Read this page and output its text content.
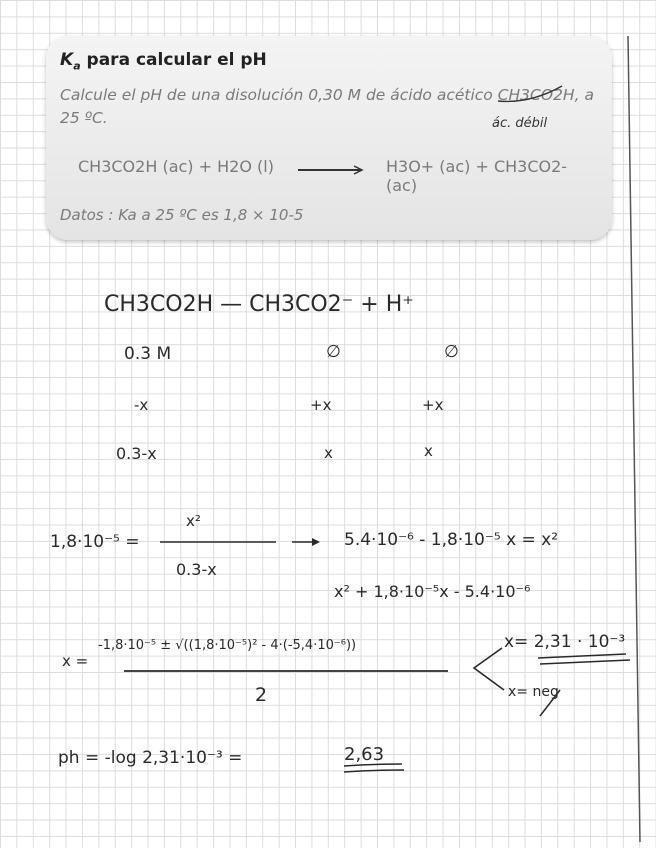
$K_a$ para calcular el pH
Calcule el pH de una disolución 0,30 M de ácido acético CH3CO2H, a 25 ºC.	ác. débil
CH3CO2H (ac) + H2O (l)	H3O+ (ac) + CH3CO2- (ac)
Datos : Ka a 25 ºC es 1,8 × 10-5
CH3CO2H — CH3CO2⁻ + H⁺
0.3 M	∅	∅
-x	+x	+x
0.3-x	x	x
1,8·10⁻⁵ =
x²
0.3-x
5.4·10⁻⁶ - 1,8·10⁻⁵ x = x²
x² + 1,8·10⁻⁵x - 5.4·10⁻⁶
x =
-1,8·10⁻⁵ ± √((1,8·10⁻⁵)² - 4·(-5,4·10⁻⁶))
2
x= 2,31 · 10⁻³
x= neg
ph = -log 2,31·10⁻³ =	2,63
